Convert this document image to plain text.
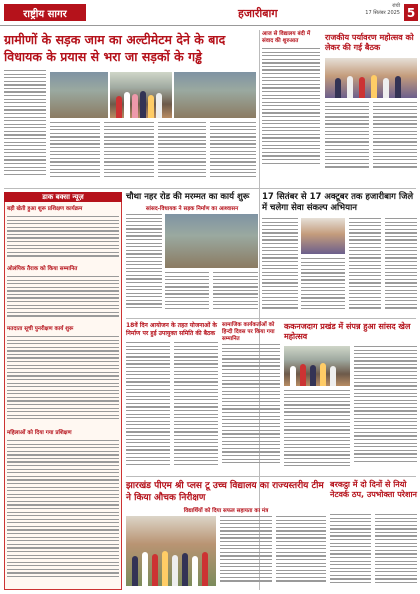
राष्ट्रीय सागर	हजारीबाग
रांची
17 सितंबर 2025 5
ग्रामीणों के सड़क जाम का अल्टीमेटम देने के बाद विधायक के प्रयास से भरा जा सड़कों के गड्ढे
आज से विद्यालय बंदी में संवाद की शुरुआत	राजकीय पर्यावरण महोत्सव को लेकर की गई बैठक
डाक बक्सा न्यूज़
बड़ी खेती हुआ शुरू प्रशिक्षण कार्यक्रम
ओलंपिक तैराक को किया सम्मानित
मतदाता सूची पुनरीक्षण कार्य शुरू
महिलाओं को दिया गया प्रशिक्षण
चौथा नहर रोड की मरम्मत का कार्य शुरू
सांसद-विधायक ने सड़क निर्माण का आश्वासन
17 सितंबर से 17 अक्टूबर तक हजारीबाग जिले में चलेगा सेवा संकल्प अभियान
18वें दिन आयोजन के तहत योजनाओं के निर्माण पर हुई उपायुक्त समिति की बैठक
सामाजिक कार्यकर्ताओं को हिन्दी दिवस पर किया गया सम्मानित
ककनजदाग प्रखंड में संपन्न हुआ सांसद खेल महोत्सव
झारखंड पीएम श्री प्लस टू उच्च विद्यालय का राज्यस्तरीय टीम ने किया औचक निरीक्षण
विद्यार्थियों को दिया सफल सहायता का मंत्र
बरकट्ठा में दो दिनों से नियो नेटवर्क ठप, उपभोक्ता परेशान
